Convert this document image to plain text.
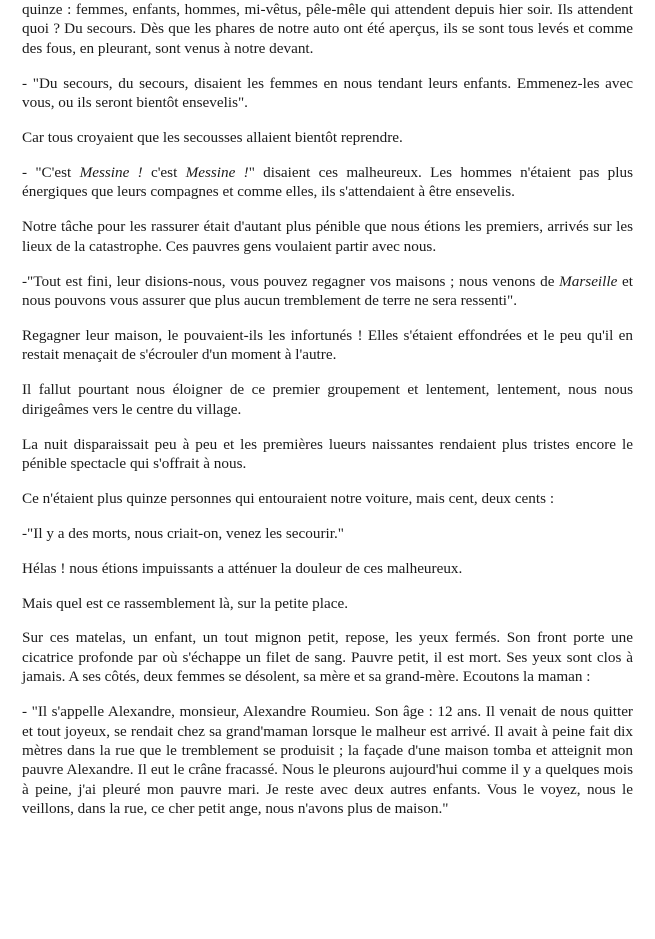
quinze : femmes, enfants, hommes, mi-vêtus, pêle-mêle qui attendent depuis hier soir. Ils attendent quoi ? Du secours. Dès que les phares de notre auto ont été aperçus, ils se sont tous levés et comme des fous, en pleurant, sont venus à notre devant.

- "Du secours, du secours, disaient les femmes en nous tendant leurs enfants. Emmenez-les avec vous, ou ils seront bientôt ensevelis".

Car tous croyaient que les secousses allaient bientôt reprendre.

- "C'est Messine ! c'est Messine !" disaient ces malheureux. Les hommes n'étaient pas plus énergiques que leurs compagnes et comme elles, ils s'attendaient à être ensevelis.

Notre tâche pour les rassurer était d'autant plus pénible que nous étions les premiers, arrivés sur les lieux de la catastrophe. Ces pauvres gens voulaient partir avec nous.

-"Tout est fini, leur disions-nous, vous pouvez regagner vos maisons ; nous venons de Marseille et nous pouvons vous assurer que plus aucun tremblement de terre ne sera ressenti".

Regagner leur maison, le pouvaient-ils les infortunés ! Elles s'étaient effondrées et le peu qu'il en restait menaçait de s'écrouler d'un moment à l'autre.

Il fallut pourtant nous éloigner de ce premier groupement et lentement, lentement, nous nous dirigeâmes vers le centre du village.

La nuit disparaissait peu à peu et les premières lueurs naissantes rendaient plus tristes encore le pénible spectacle qui s'offrait à nous.

Ce n'étaient plus quinze personnes qui entouraient notre voiture, mais cent, deux cents :

-"Il y a des morts, nous criait-on, venez les secourir."

Hélas ! nous étions impuissants a atténuer la douleur de ces malheureux.

Mais quel est ce rassemblement là, sur la petite place.

Sur ces matelas, un enfant, un tout mignon petit, repose, les yeux fermés. Son front porte une cicatrice profonde par où s'échappe un filet de sang. Pauvre petit, il est mort. Ses yeux sont clos à jamais. A ses côtés, deux femmes se désolent, sa mère et sa grand-mère. Ecoutons la maman :

- "Il s'appelle Alexandre, monsieur, Alexandre Roumieu. Son âge : 12 ans. Il venait de nous quitter et tout joyeux, se rendait chez sa grand'maman lorsque le malheur est arrivé. Il avait à peine fait dix mètres dans la rue que le tremblement se produisit ; la façade d'une maison tomba et atteignit mon pauvre Alexandre. Il eut le crâne fracassé. Nous le pleurons aujourd'hui comme il y a quelques mois à peine, j'ai pleuré mon pauvre mari. Je reste avec deux autres enfants. Vous le voyez, nous le veillons, dans la rue, ce cher petit ange, nous n'avons plus de maison."
